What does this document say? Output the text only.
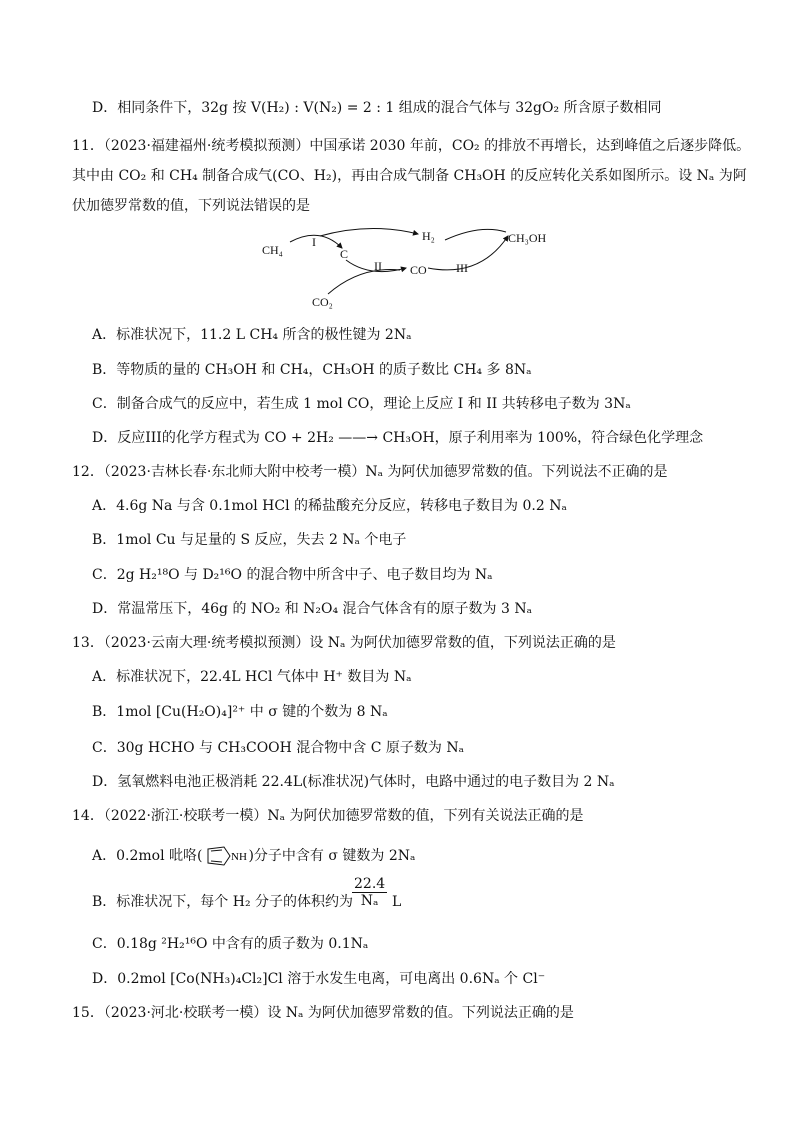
D．相同条件下，32g 按 V(H₂) : V(N₂) = 2 : 1 组成的混合气体与 32gO₂ 所含原子数相同
11．（2023·福建福州·统考模拟预测）中国承诺 2030 年前，CO₂ 的排放不再增长，达到峰值之后逐步降低。
其中由 CO₂ 和 CH₄ 制备合成气(CO、H₂)，再由合成气制备 CH₃OH 的反应转化关系如图所示。设 Nₐ 为阿
伏加德罗常数的值，下列说法错误的是
CH₄	C
CO₂
CO
H₂	CH₃OH
I
II	III
A．标准状况下，11.2 L CH₄ 所含的极性键为 2Nₐ
B．等物质的量的 CH₃OH 和 CH₄，CH₃OH 的质子数比 CH₄ 多 8Nₐ
C．制备合成气的反应中，若生成 1 mol CO，理论上反应 I 和 II 共转移电子数为 3Nₐ
D．反应III的化学方程式为 CO + 2H₂ ——→ CH₃OH，原子利用率为 100%，符合绿色化学理念
12．（2023·吉林长春·东北师大附中校考一模）Nₐ 为阿伏加德罗常数的值。下列说法不正确的是
A．4.6g Na 与含 0.1mol HCl 的稀盐酸充分反应，转移电子数目为 0.2 Nₐ
B．1mol Cu 与足量的 S 反应，失去 2 Nₐ 个电子
C．2g H₂¹⁸O 与 D₂¹⁶O 的混合物中所含中子、电子数目均为 Nₐ
D．常温常压下，46g 的 NO₂ 和 N₂O₄ 混合气体含有的原子数为 3 Nₐ
13．（2023·云南大理·统考模拟预测）设 Nₐ 为阿伏加德罗常数的值，下列说法正确的是
A．标准状况下，22.4L HCl 气体中 H⁺ 数目为 Nₐ
B．1mol [Cu(H₂O)₄]²⁺ 中 σ 键的个数为 8 Nₐ
C．30g HCHO 与 CH₃COOH 混合物中含 C 原子数为 Nₐ
D．氢氧燃料电池正极消耗 22.4L(标准状况)气体时，电路中通过的电子数目为 2 Nₐ
14．（2022·浙江·校联考一模）Nₐ 为阿伏加德罗常数的值，下列有关说法正确的是
A．0.2mol 吡咯(	NH )分子中含有 σ 键数为 2Nₐ
B．标准状况下，每个 H₂ 分子的体积约为
$\frac{22.4}{\text{Nₐ}}$ L
C．0.18g ²H₂¹⁶O 中含有的质子数为 0.1Nₐ
D．0.2mol [Co(NH₃)₄Cl₂]Cl 溶于水发生电离，可电离出 0.6Nₐ 个 Cl⁻
15．（2023·河北·校联考一模）设 Nₐ 为阿伏加德罗常数的值。下列说法正确的是
